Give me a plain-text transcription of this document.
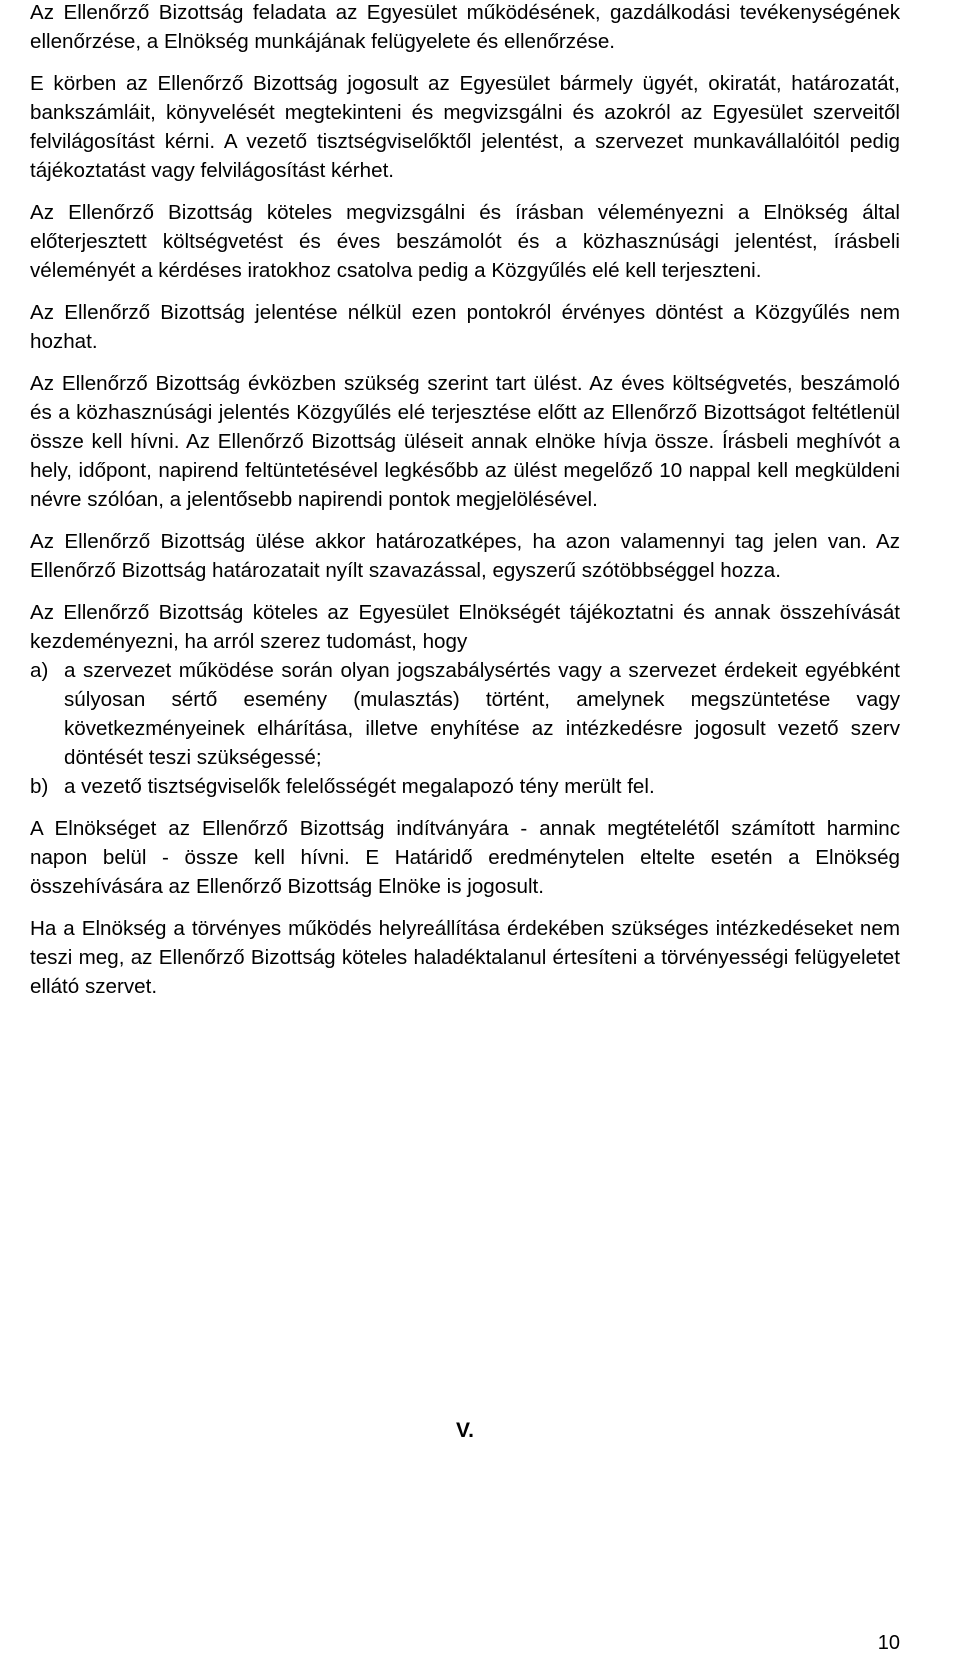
Az Ellenőrző Bizottság feladata az Egyesület működésének, gazdálkodási tevékenységének ellenőrzése, a Elnökség munkájának felügyelete és ellenőrzése.

E körben az Ellenőrző Bizottság jogosult az Egyesület bármely ügyét, okiratát, határozatát, bankszámláit, könyvelését megtekinteni és megvizsgálni és azokról az Egyesület szerveitől felvilágosítást kérni. A vezető tisztségviselőktől jelentést, a szervezet munkavállalóitól pedig tájékoztatást vagy felvilágosítást kérhet.

Az Ellenőrző Bizottság köteles megvizsgálni és írásban véleményezni a Elnökség által előterjesztett költségvetést és éves beszámolót és a közhasznúsági jelentést, írásbeli véleményét a kérdéses iratokhoz csatolva pedig a Közgyűlés elé kell terjeszteni.

Az Ellenőrző Bizottság jelentése nélkül ezen pontokról érvényes döntést a Közgyűlés nem hozhat.

Az Ellenőrző Bizottság évközben szükség szerint tart ülést. Az éves költségvetés, beszámoló és a közhasznúsági jelentés Közgyűlés elé terjesztése előtt az Ellenőrző Bizottságot feltétlenül össze kell hívni. Az Ellenőrző Bizottság üléseit annak elnöke hívja össze. Írásbeli meghívót a hely, időpont, napirend feltüntetésével legkésőbb az ülést megelőző 10 nappal kell megküldeni névre szólóan, a jelentősebb napirendi pontok megjelölésével.

Az Ellenőrző Bizottság ülése akkor határozatképes, ha azon valamennyi tag jelen van. Az Ellenőrző Bizottság határozatait nyílt szavazással, egyszerű szótöbbséggel hozza.

Az Ellenőrző Bizottság köteles az Egyesület Elnökségét tájékoztatni és annak összehívását kezdeményezni, ha arról szerez tudomást, hogy

a) a szervezet működése során olyan jogszabálysértés vagy a szervezet érdekeit egyébként súlyosan sértő esemény (mulasztás) történt, amelynek megszüntetése vagy következményeinek elhárítása, illetve enyhítése az intézkedésre jogosult vezető szerv döntését teszi szükségessé;
b) a vezető tisztségviselők felelősségét megalapozó tény merült fel.

A Elnökséget az Ellenőrző Bizottság indítványára - annak megtételétől számított harminc napon belül - össze kell hívni. E Határidő eredménytelen eltelte esetén a Elnökség összehívására az Ellenőrző Bizottság Elnöke is jogosult.

Ha a Elnökség a törvényes működés helyreállítása érdekében szükséges intézkedéseket nem teszi meg, az Ellenőrző Bizottság köteles haladéktalanul értesíteni a törvényességi felügyeletet ellátó szervet.

V.
10
